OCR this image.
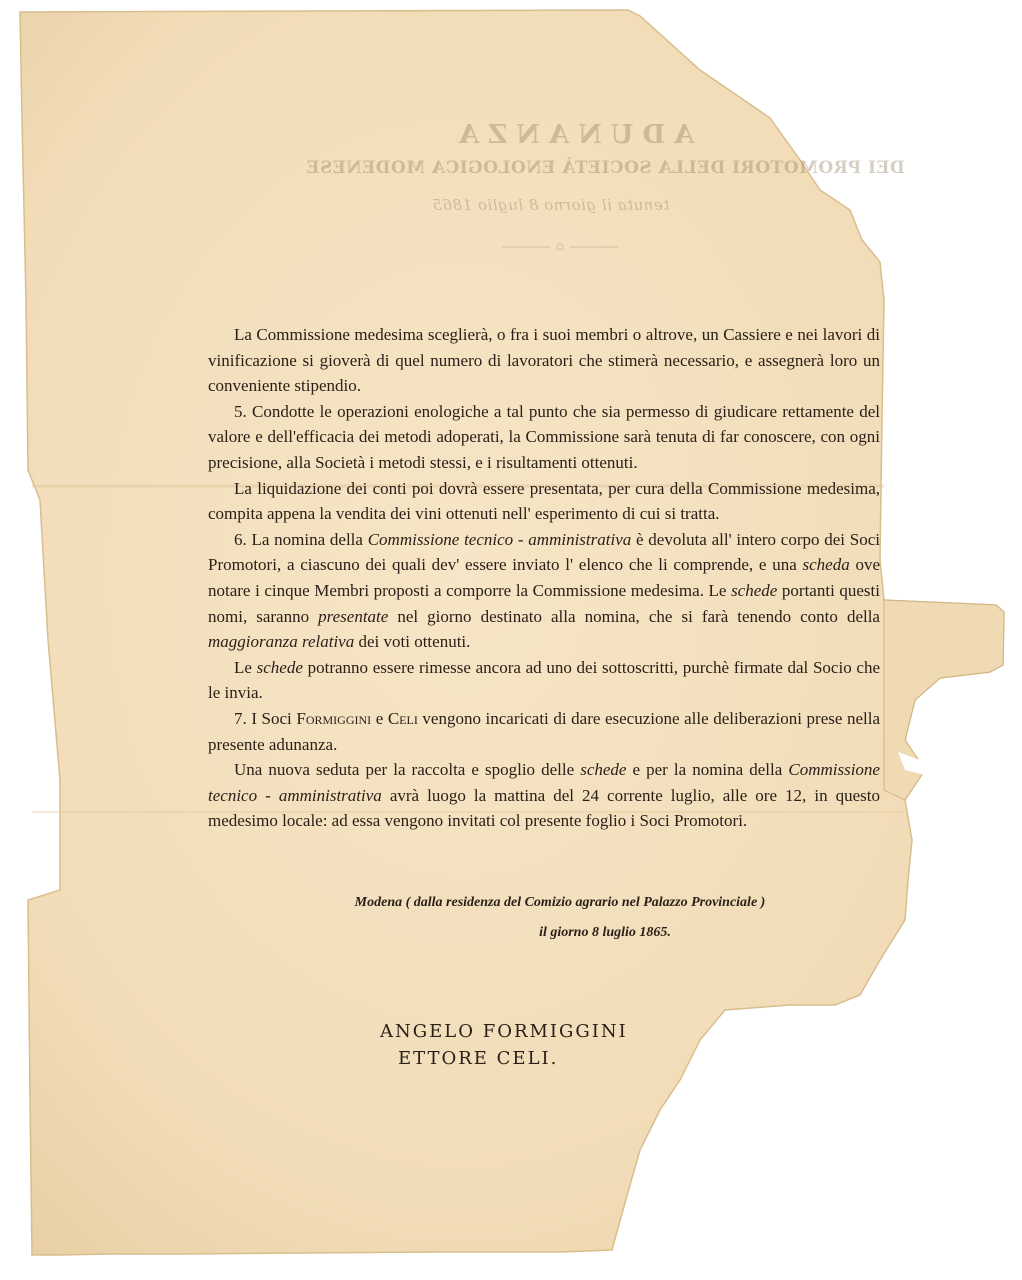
ADUNANZA
DEI PROMOTORI DELLA SOCIETÀ ENOLOGICA MODENESE
tenuta il giorno 8 luglio 1865

La Commissione medesima sceglierà, o fra i suoi membri o altrove, un Cassiere e nei lavori di vinificazione si gioverà di quel numero di lavoratori che stimerà necessario, e assegnerà loro un conveniente stipendio.

5. Condotte le operazioni enologiche a tal punto che sia permesso di giudicare rettamente del valore e dell'efficacia dei metodi adoperati, la Commissione sarà tenuta di far conoscere, con ogni precisione, alla Società i metodi stessi, e i risultamenti ottenuti.

La liquidazione dei conti poi dovrà essere presentata, per cura della Commissione medesima, compita appena la vendita dei vini ottenuti nell' esperimento di cui si tratta.

6. La nomina della Commissione tecnico - amministrativa è devoluta all' intero corpo dei Soci Promotori, a ciascuno dei quali dev' essere inviato l' elenco che li comprende, e una scheda ove notare i cinque Membri proposti a comporre la Commissione medesima. Le schede portanti questi nomi, saranno presentate nel giorno destinato alla nomina, che si farà tenendo conto della maggioranza relativa dei voti ottenuti.

Le schede potranno essere rimesse ancora ad uno dei sottoscritti, purchè firmate dal Socio che le invia.

7. I Soci Formiggini e Celi vengono incaricati di dare esecuzione alle deliberazioni prese nella presente adunanza.

Una nuova seduta per la raccolta e spoglio delle schede e per la nomina della Commissione tecnico - amministrativa avrà luogo la mattina del 24 corrente luglio, alle ore 12, in questo medesimo locale: ad essa vengono invitati col presente foglio i Soci Promotori.

Modena ( dalla residenza del Comizio agrario nel Palazzo Provinciale )
il giorno 8 luglio 1865.
ANGELO FORMIGGINI

ETTORE CELI.
